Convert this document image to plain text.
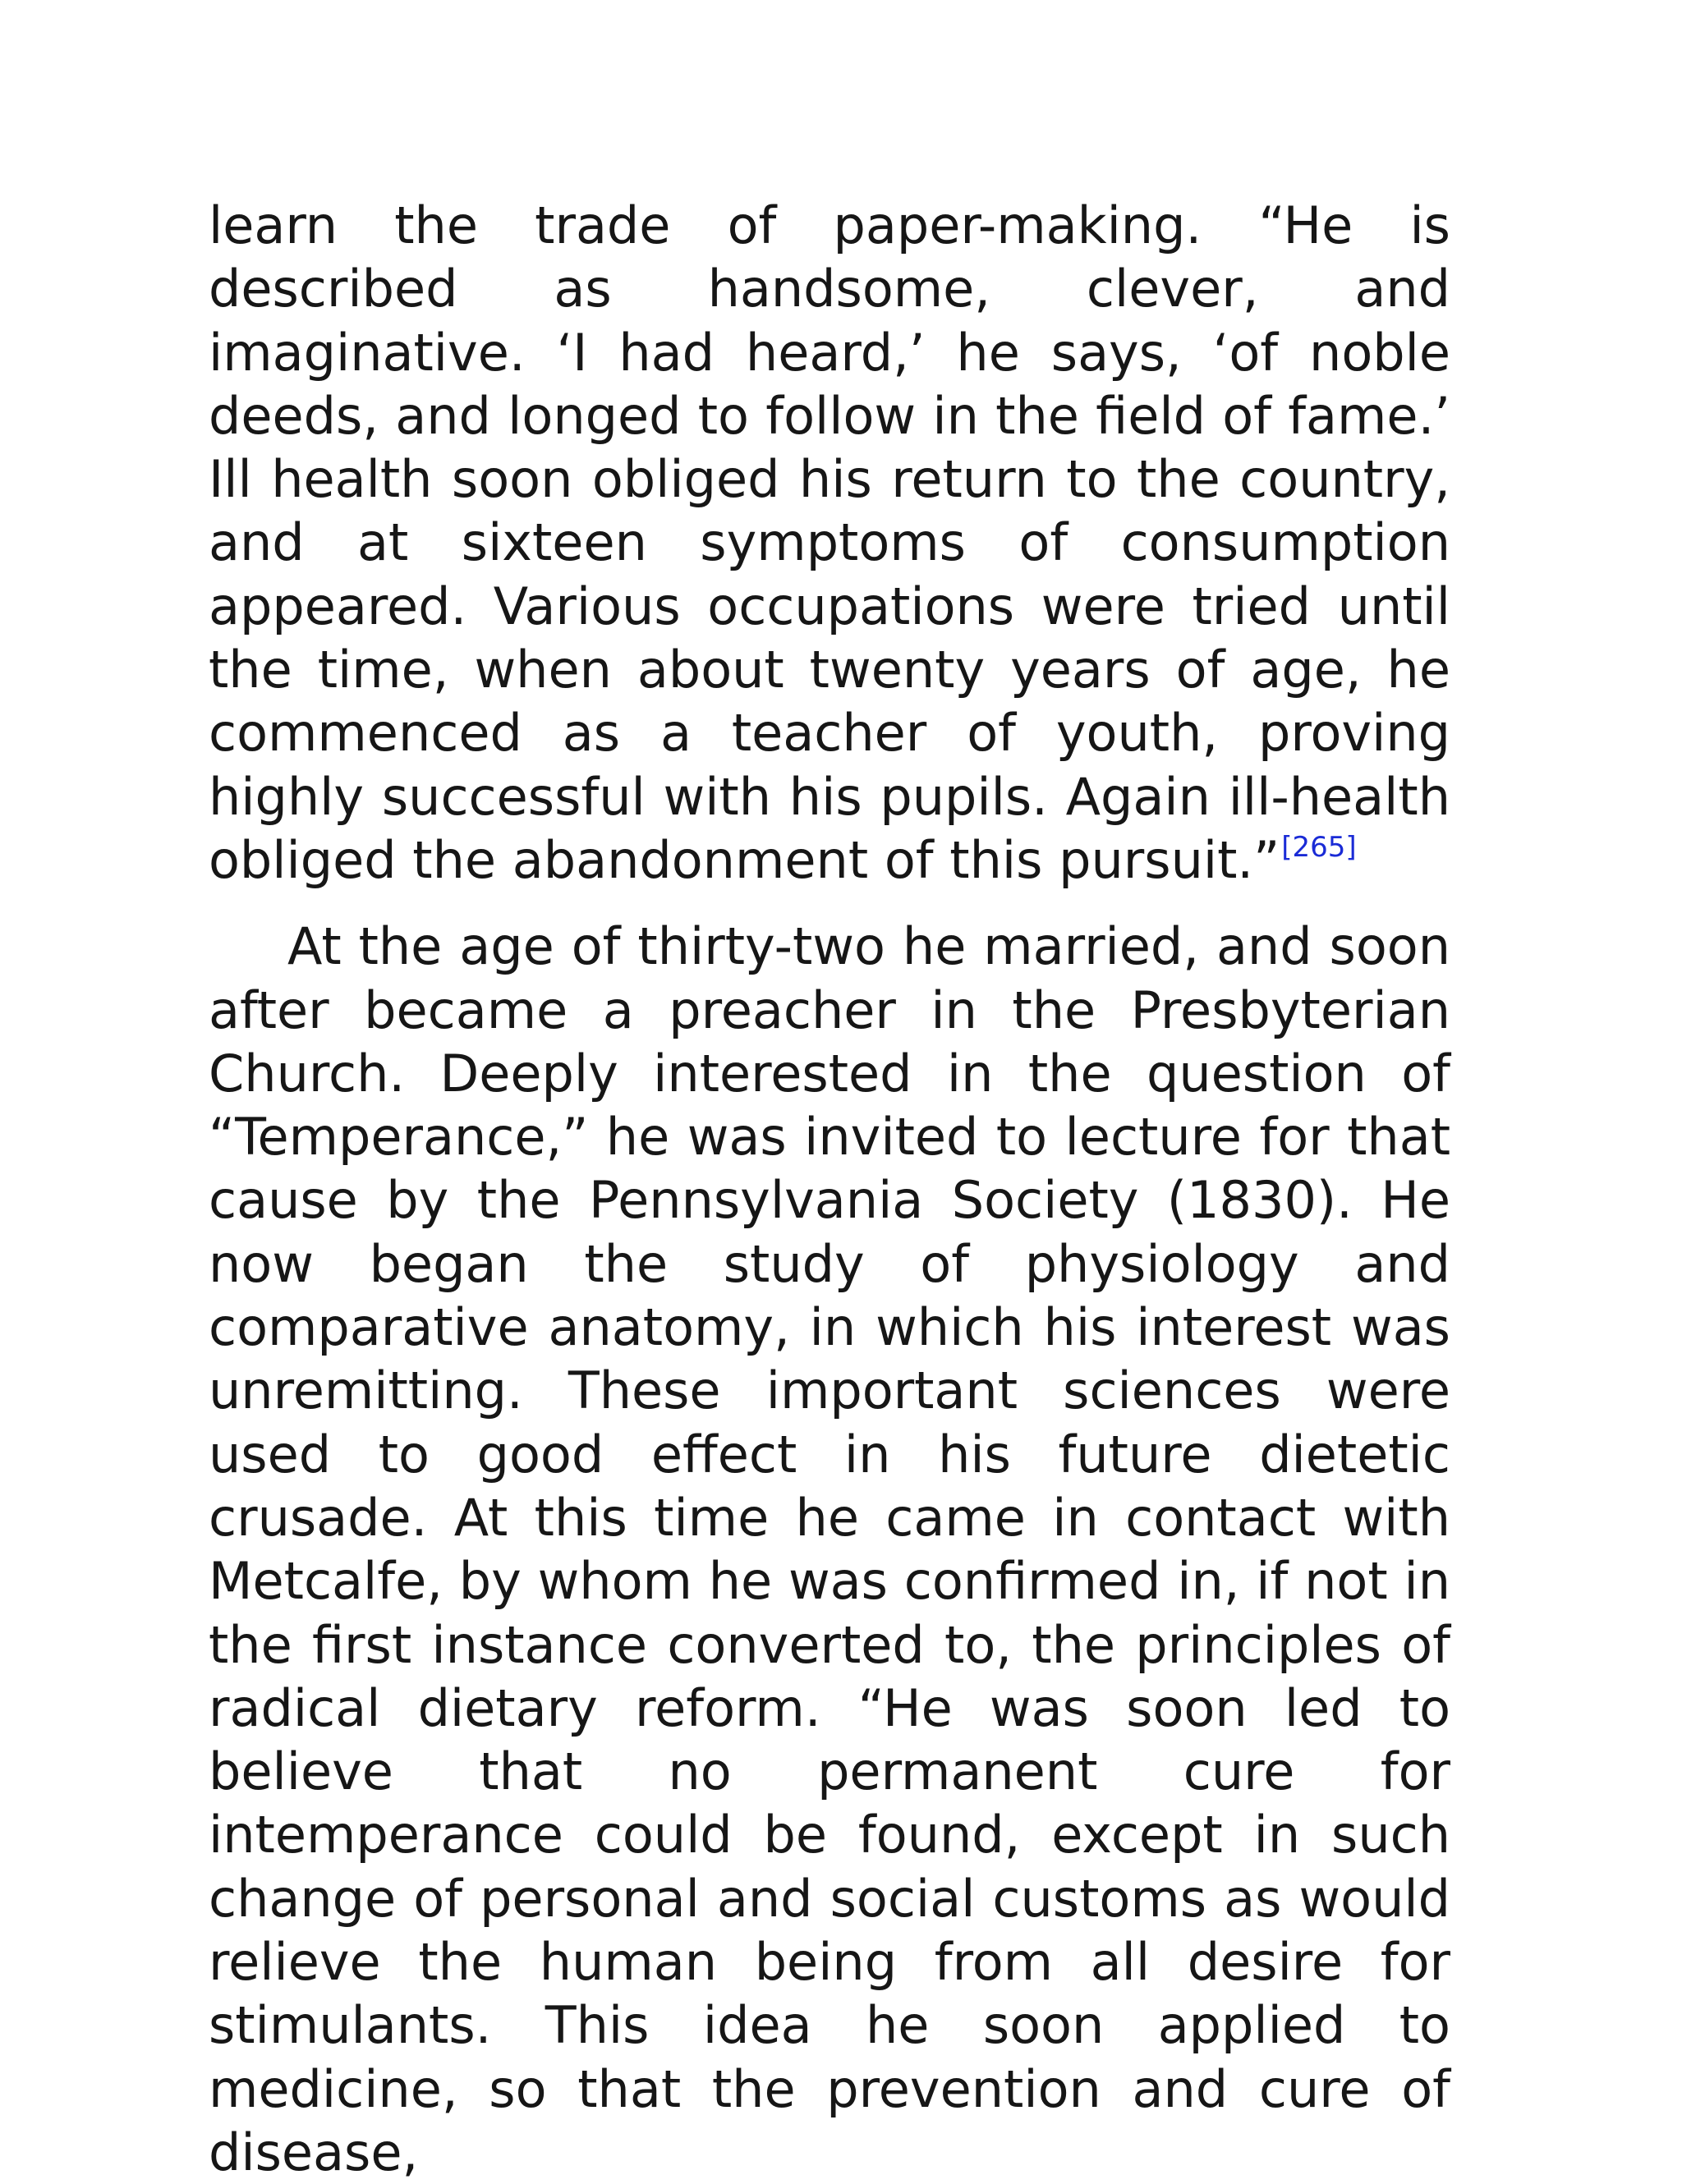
learn the trade of paper-making. “He is described as handsome, clever, and imaginative. ‘I had heard,’ he says, ‘of noble deeds, and longed to follow in the field of fame.’ Ill health soon obliged his return to the country, and at sixteen symptoms of consumption appeared. Various occupations were tried until the time, when about twenty years of age, he commenced as a teacher of youth, proving highly successful with his pupils. Again ill-health obliged the abandonment of this pursuit.”[265]

At the age of thirty-two he married, and soon after became a preacher in the Presbyterian Church. Deeply interested in the question of “Temperance,” he was invited to lecture for that cause by the Pennsylvania Society (1830). He now began the study of physiology and comparative anatomy, in which his interest was unremitting. These important sciences were used to good effect in his future dietetic crusade. At this time he came in contact with Metcalfe, by whom he was confirmed in, if not in the first instance converted to, the principles of radical dietary reform. “He was soon led to believe that no permanent cure for intemperance could be found, except in such change of personal and social customs as would relieve the human being from all desire for stimulants. This idea he soon applied to medicine, so that the prevention and cure of disease,
